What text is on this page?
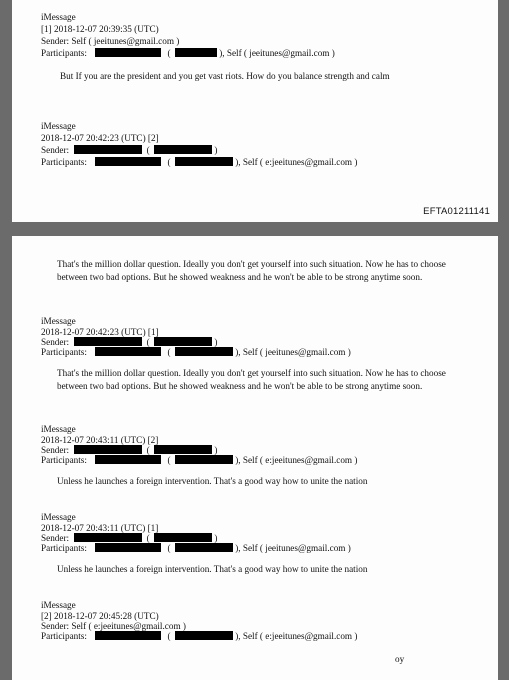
iMessage
[1] 2018-12-07 20:39:35 (UTC)
Sender: Self ( jeeitunes@gmail.com )
Participants:	(	), Self ( jeeitunes@gmail.com )
But If you are the president and you get vast riots. How do you balance strength and calm
iMessage
2018-12-07 20:42:23 (UTC) [2]
Sender:	(	)
Participants:	(	), Self ( e:jeeitunes@gmail.com )
EFTA01211141
That's the million dollar question. Ideally you don't get yourself into such situation. Now he has to choose between two bad options. But he showed weakness and he won't be able to be strong anytime soon.
iMessage
2018-12-07 20:42:23 (UTC) [1]
Sender:	(	)
Participants:	(	), Self ( jeeitunes@gmail.com )
That's the million dollar question. Ideally you don't get yourself into such situation. Now he has to choose between two bad options. But he showed weakness and he won't be able to be strong anytime soon.
iMessage
2018-12-07 20:43:11 (UTC) [2]
Sender:	(	)
Participants:	(	), Self ( e:jeeitunes@gmail.com )
Unless he launches a foreign intervention. That's a good way how to unite the nation
iMessage
2018-12-07 20:43:11 (UTC) [1]
Sender:	(	)
Participants:	(	), Self ( jeeitunes@gmail.com )
Unless he launches a foreign intervention. That's a good way how to unite the nation
iMessage
[2] 2018-12-07 20:45:28 (UTC)
Sender: Self ( e:jeeitunes@gmail.com )
Participants:	(	), Self ( e:jeeitunes@gmail.com )
oy
